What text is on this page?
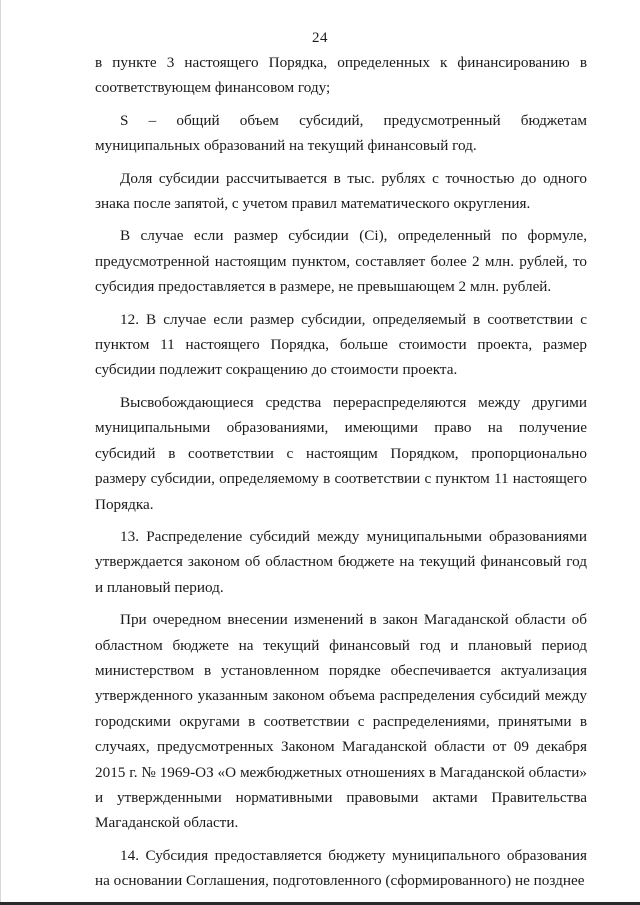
24

в пункте 3 настоящего Порядка, определенных к финансированию в соответствующем финансовом году;

S – общий объем субсидий, предусмотренный бюджетам муниципальных образований на текущий финансовый год.

Доля субсидии рассчитывается в тыс. рублях с точностью до одного знака после запятой, с учетом правил математического округления.

В случае если размер субсидии (Ci), определенный по формуле, предусмотренной настоящим пунктом, составляет более 2 млн. рублей, то субсидия предоставляется в размере, не превышающем 2 млн. рублей.

12. В случае если размер субсидии, определяемый в соответствии с пунктом 11 настоящего Порядка, больше стоимости проекта, размер субсидии подлежит сокращению до стоимости проекта.

Высвобождающиеся средства перераспределяются между другими муниципальными образованиями, имеющими право на получение субсидий в соответствии с настоящим Порядком, пропорционально размеру субсидии, определяемому в соответствии с пунктом 11 настоящего Порядка.

13. Распределение субсидий между муниципальными образованиями утверждается законом об областном бюджете на текущий финансовый год и плановый период.

При очередном внесении изменений в закон Магаданской области об областном бюджете на текущий финансовый год и плановый период министерством в установленном порядке обеспечивается актуализация утвержденного указанным законом объема распределения субсидий между городскими округами в соответствии с распределениями, принятыми в случаях, предусмотренных Законом Магаданской области от 09 декабря 2015 г. № 1969-ОЗ «О межбюджетных отношениях в Магаданской области» и утвержденными нормативными правовыми актами Правительства Магаданской области.

14. Субсидия предоставляется бюджету муниципального образования на основании Соглашения, подготовленного (сформированного) не позднее
